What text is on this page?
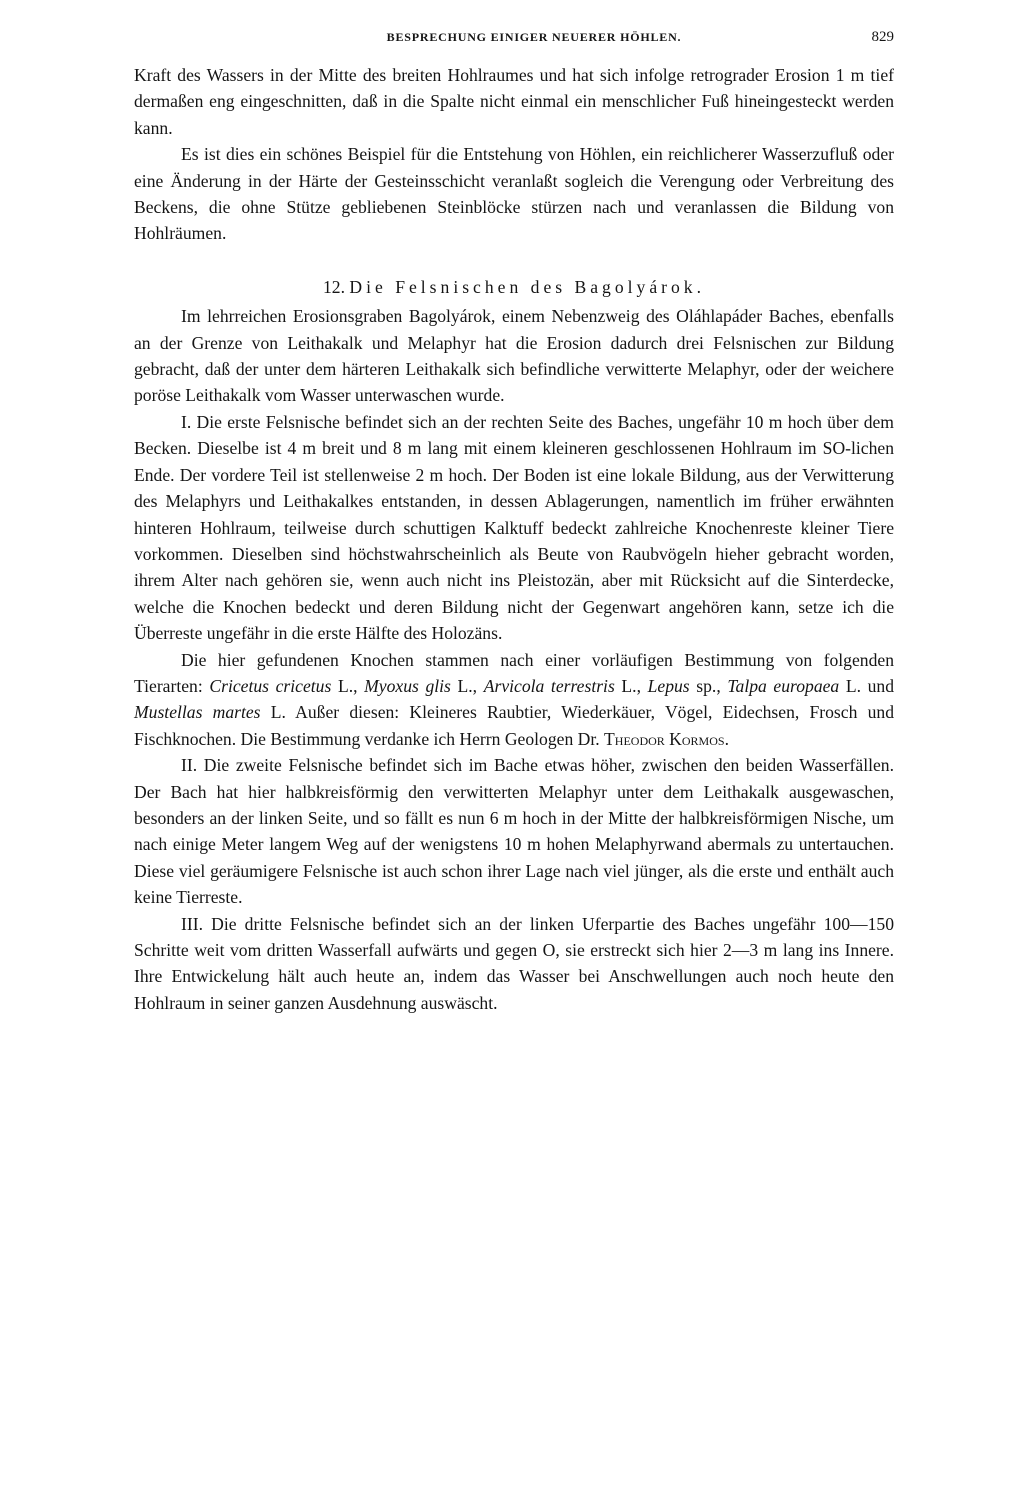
BESPRECHUNG EINIGER NEUERER HÖHLEN.	829

Kraft des Wassers in der Mitte des breiten Hohlraumes und hat sich infolge retrograder Erosion 1 m tief dermaßen eng eingeschnitten, daß in die Spalte nicht einmal ein menschlicher Fuß hineingesteckt werden kann.

Es ist dies ein schönes Beispiel für die Entstehung von Höhlen, ein reichlicherer Wasserzufluß oder eine Änderung in der Härte der Gesteinsschicht veranlaßt sogleich die Verengung oder Verbreitung des Beckens, die ohne Stütze gebliebenen Steinblöcke stürzen nach und veranlassen die Bildung von Hohlräumen.

12. Die Felsnischen des Bagolyárok.

Im lehrreichen Erosionsgraben Bagolyárok, einem Nebenzweig des Oláhlapáder Baches, ebenfalls an der Grenze von Leithakalk und Melaphyr hat die Erosion dadurch drei Felsnischen zur Bildung gebracht, daß der unter dem härteren Leithakalk sich befindliche verwitterte Melaphyr, oder der weichere poröse Leithakalk vom Wasser unterwaschen wurde.

I. Die erste Felsnische befindet sich an der rechten Seite des Baches, ungefähr 10 m hoch über dem Becken. Dieselbe ist 4 m breit und 8 m lang mit einem kleineren geschlossenen Hohlraum im SO-lichen Ende. Der vordere Teil ist stellenweise 2 m hoch. Der Boden ist eine lokale Bildung, aus der Verwitterung des Melaphyrs und Leithakalkes entstanden, in dessen Ablagerungen, namentlich im früher erwähnten hinteren Hohlraum, teilweise durch schuttigen Kalktuff bedeckt zahlreiche Knochenreste kleiner Tiere vorkommen. Dieselben sind höchstwahrscheinlich als Beute von Raubvögeln hieher gebracht worden, ihrem Alter nach gehören sie, wenn auch nicht ins Pleistozän, aber mit Rücksicht auf die Sinterdecke, welche die Knochen bedeckt und deren Bildung nicht der Gegenwart angehören kann, setze ich die Überreste ungefähr in die erste Hälfte des Holozäns.

Die hier gefundenen Knochen stammen nach einer vorläufigen Bestimmung von folgenden Tierarten: Cricetus cricetus L., Myoxus glis L., Arvicola terrestris L., Lepus sp., Talpa europaea L. und Mustellas martes L. Außer diesen: Kleineres Raubtier, Wiederkäuer, Vögel, Eidechsen, Frosch und Fischknochen. Die Bestimmung verdanke ich Herrn Geologen Dr. Theodor Kormos.

II. Die zweite Felsnische befindet sich im Bache etwas höher, zwischen den beiden Wasserfällen. Der Bach hat hier halbkreisförmig den verwitterten Melaphyr unter dem Leithakalk ausgewaschen, besonders an der linken Seite, und so fällt es nun 6 m hoch in der Mitte der halbkreisförmigen Nische, um nach einige Meter langem Weg auf der wenigstens 10 m hohen Melaphyrwand abermals zu untertauchen. Diese viel geräumigere Felsnische ist auch schon ihrer Lage nach viel jünger, als die erste und enthält auch keine Tierreste.

III. Die dritte Felsnische befindet sich an der linken Uferpartie des Baches ungefähr 100—150 Schritte weit vom dritten Wasserfall aufwärts und gegen O, sie erstreckt sich hier 2—3 m lang ins Innere. Ihre Entwickelung hält auch heute an, indem das Wasser bei Anschwellungen auch noch heute den Hohlraum in seiner ganzen Ausdehnung auswäscht.
